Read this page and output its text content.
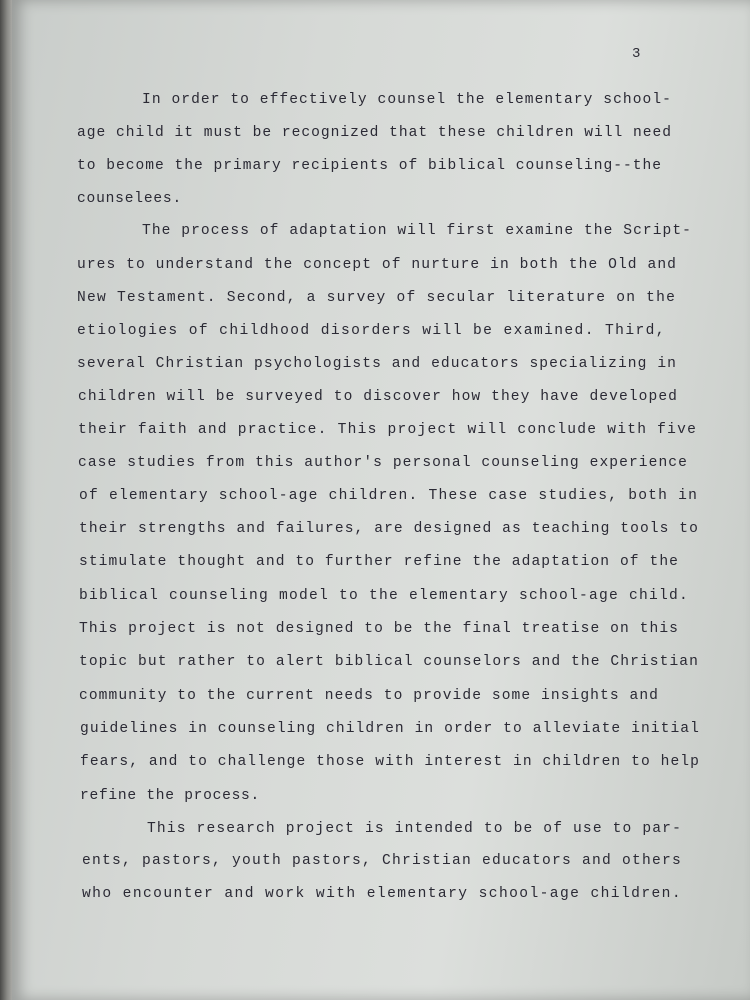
3
In order to effectively counsel the elementary school-
age child it must be recognized that these children will need
to become the primary recipients of biblical counseling--the
counselees.
The process of adaptation will first examine the Script-
ures to understand the concept of nurture in both the Old and
New Testament. Second, a survey of secular literature on the
etiologies of childhood disorders will be examined. Third,
several Christian psychologists and educators specializing in
children will be surveyed to discover how they have developed
their faith and practice. This project will conclude with five
case studies from this author's personal counseling experience
of elementary school-age children. These case studies, both in
their strengths and failures, are designed as teaching tools to
stimulate thought and to further refine the adaptation of the
biblical counseling model to the elementary school-age child.
This project is not designed to be the final treatise on this
topic but rather to alert biblical counselors and the Christian
community to the current needs to provide some insights and
guidelines in counseling children in order to alleviate initial
fears, and to challenge those with interest in children to help
refine the process.
This research project is intended to be of use to par-
ents, pastors, youth pastors, Christian educators and others
who encounter and work with elementary school-age children.
